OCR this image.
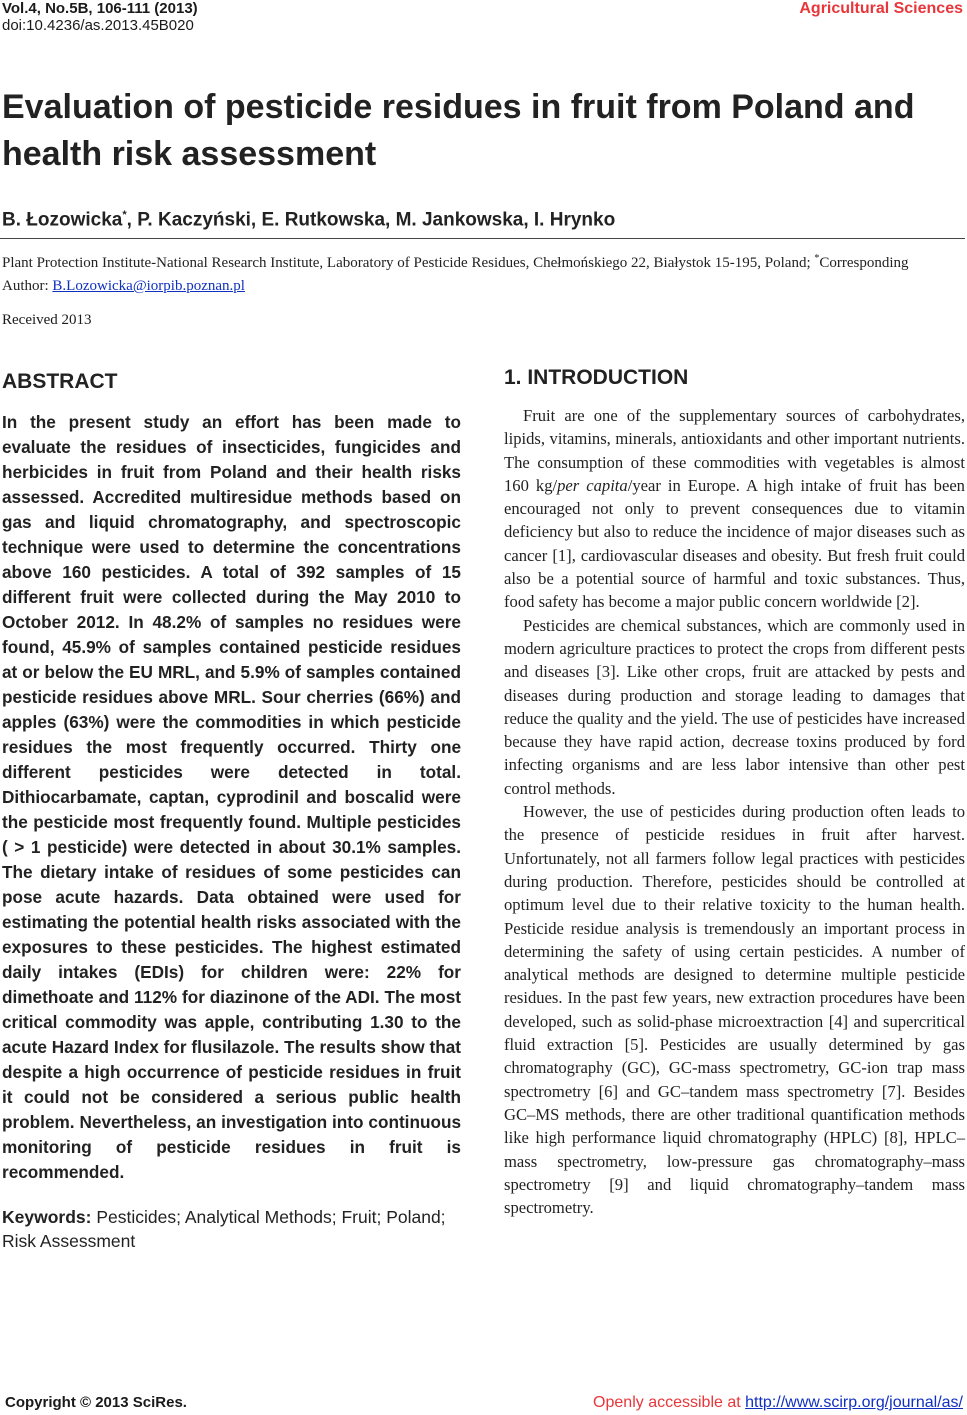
Vol.4, No.5B, 106-111 (2013)
doi:10.4236/as.2013.45B020
Agricultural Sciences
Evaluation of pesticide residues in fruit from Poland and health risk assessment
B. Łozowicka*, P. Kaczyński, E. Rutkowska, M. Jankowska, I. Hrynko
Plant Protection Institute-National Research Institute, Laboratory of Pesticide Residues, Chełmońskiego 22, Białystok 15-195, Poland; *Corresponding Author: B.Lozowicka@iorpib.poznan.pl
Received 2013
ABSTRACT

In the present study an effort has been made to evaluate the residues of insecticides, fungicides and herbicides in fruit from Poland and their health risks assessed. Accredited multiresidue methods based on gas and liquid chromatography, and spectroscopic technique were used to determine the concentrations above 160 pesticides. A total of 392 samples of 15 different fruit were collected during the May 2010 to October 2012. In 48.2% of samples no residues were found, 45.9% of samples contained pesticide residues at or below the EU MRL, and 5.9% of samples contained pesticide residues above MRL. Sour cherries (66%) and apples (63%) were the commodities in which pesticide residues the most frequently occurred. Thirty one different pesticides were detected in total. Dithiocarbamate, captan, cyprodinil and boscalid were the pesticide most frequently found. Multiple pesticides ( > 1 pesticide) were detected in about 30.1% samples. The dietary intake of residues of some pesticides can pose acute hazards. Data obtained were used for estimating the potential health risks associated with the exposures to these pesticides. The highest estimated daily intakes (EDIs) for children were: 22% for dimethoate and 112% for diazinone of the ADI. The most critical commodity was apple, contributing 1.30 to the acute Hazard Index for flusilazole. The results show that despite a high occurrence of pesticide residues in fruit it could not be considered a serious public health problem. Nevertheless, an investigation into continuous monitoring of pesticide residues in fruit is recommended.

Keywords: Pesticides; Analytical Methods; Fruit; Poland; Risk Assessment
1. INTRODUCTION

Fruit are one of the supplementary sources of carbohydrates, lipids, vitamins, minerals, antioxidants and other important nutrients. The consumption of these commodities with vegetables is almost 160 kg/per capita/year in Europe. A high intake of fruit has been encouraged not only to prevent consequences due to vitamin deficiency but also to reduce the incidence of major diseases such as cancer [1], cardiovascular diseases and obesity. But fresh fruit could also be a potential source of harmful and toxic substances. Thus, food safety has become a major public concern worldwide [2].

Pesticides are chemical substances, which are commonly used in modern agriculture practices to protect the crops from different pests and diseases [3]. Like other crops, fruit are attacked by pests and diseases during production and storage leading to damages that reduce the quality and the yield. The use of pesticides have increased because they have rapid action, decrease toxins produced by ford infecting organisms and are less labor intensive than other pest control methods.

However, the use of pesticides during production often leads to the presence of pesticide residues in fruit after harvest. Unfortunately, not all farmers follow legal practices with pesticides during production. Therefore, pesticides should be controlled at optimum level due to their relative toxicity to the human health. Pesticide residue analysis is tremendously an important process in determining the safety of using certain pesticides. A number of analytical methods are designed to determine multiple pesticide residues. In the past few years, new extraction procedures have been developed, such as solid-phase microextraction [4] and supercritical fluid extraction [5]. Pesticides are usually determined by gas chromatography (GC), GC-mass spectrometry, GC-ion trap mass spectrometry [6] and GC–tandem mass spectrometry [7]. Besides GC–MS methods, there are other traditional quantification methods like high performance liquid chromatography (HPLC) [8], HPLC–mass spectrometry, low-pressure gas chromatography–mass spectrometry [9] and liquid chromatography–tandem mass spectrometry.

Copyright © 2013 SciRes.	Openly accessible at http://www.scirp.org/journal/as/
